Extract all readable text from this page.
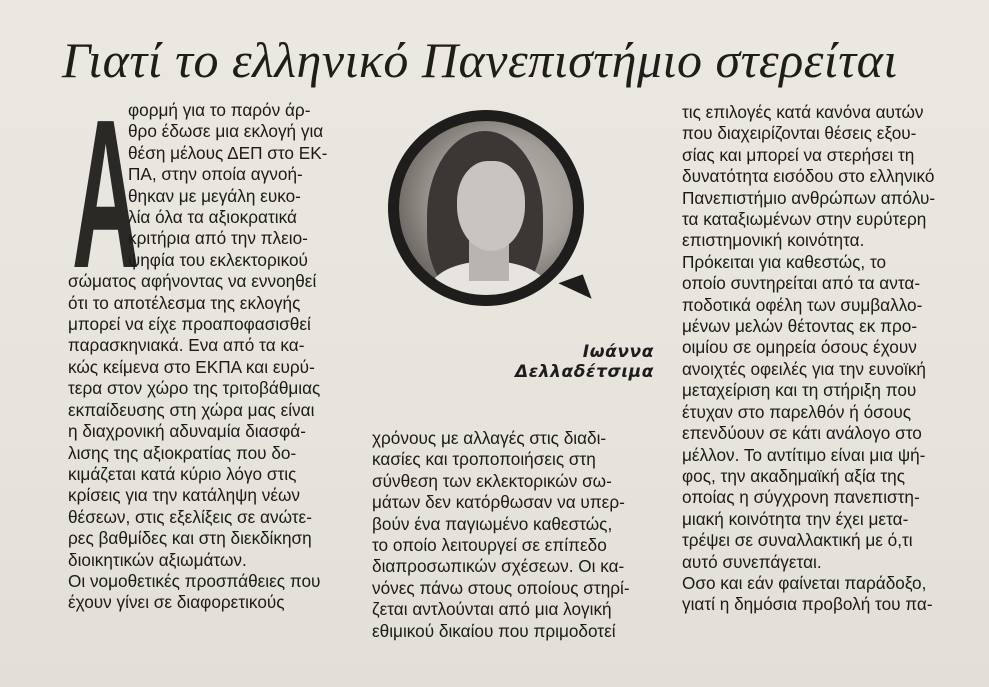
Γιατί το ελληνικό Πανεπιστήμιο στερείται
Α
φορμή για το παρόν άρ-
θρο έδωσε μια εκλογή για
θέση μέλους ΔΕΠ στο ΕΚ-
ΠΑ, στην οποία αγνοή-
θηκαν με μεγάλη ευκο-
λία όλα τα αξιοκρατικά
κριτήρια από την πλειο-
ψηφία του εκλεκτορικού
σώματος αφήνοντας να εννοηθεί
ότι το αποτέλεσμα της εκλογής
μπορεί να είχε προαποφασισθεί
παρασκηνιακά. Ενα από τα κα-
κώς κείμενα στο ΕΚΠΑ και ευρύ-
τερα στον χώρο της τριτοβάθμιας
εκπαίδευσης στη χώρα μας είναι
η διαχρονική αδυναμία διασφά-
λισης της αξιοκρατίας που δο-
κιμάζεται κατά κύριο λόγο στις
κρίσεις για την κατάληψη νέων
θέσεων, στις εξελίξεις σε ανώτε-
ρες βαθμίδες και στη διεκδίκηση
διοικητικών αξιωμάτων.
Οι νομοθετικές προσπάθειες που
έχουν γίνει σε διαφορετικούς
Ιωάννα
Δελλαδέτσιμα
χρόνους με αλλαγές στις διαδι-
κασίες και τροποποιήσεις στη
σύνθεση των εκλεκτορικών σω-
μάτων δεν κατόρθωσαν να υπερ-
βούν ένα παγιωμένο καθεστώς,
το οποίο λειτουργεί σε επίπεδο
διαπροσωπικών σχέσεων. Οι κα-
νόνες πάνω στους οποίους στηρί-
ζεται αντλούνται από μια λογική
εθιμικού δικαίου που πριμοδοτεί
τις επιλογές κατά κανόνα αυτών
που διαχειρίζονται θέσεις εξου-
σίας και μπορεί να στερήσει τη
δυνατότητα εισόδου στο ελληνικό
Πανεπιστήμιο ανθρώπων απόλυ-
τα καταξιωμένων στην ευρύτερη
επιστημονική κοινότητα.
Πρόκειται για καθεστώς, το
οποίο συντηρείται από τα αντα-
ποδοτικά οφέλη των συμβαλλο-
μένων μελών θέτοντας εκ προ-
οιμίου σε ομηρεία όσους έχουν
ανοιχτές οφειλές για την ευνοϊκή
μεταχείριση και τη στήριξη που
έτυχαν στο παρελθόν ή όσους
επενδύουν σε κάτι ανάλογο στο
μέλλον. Το αντίτιμο είναι μια ψή-
φος, την ακαδημαϊκή αξία της
οποίας η σύγχρονη πανεπιστη-
μιακή κοινότητα την έχει μετα-
τρέψει σε συναλλακτική με ό,τι
αυτό συνεπάγεται.
Οσο και εάν φαίνεται παράδοξο,
γιατί η δημόσια προβολή του πα-
